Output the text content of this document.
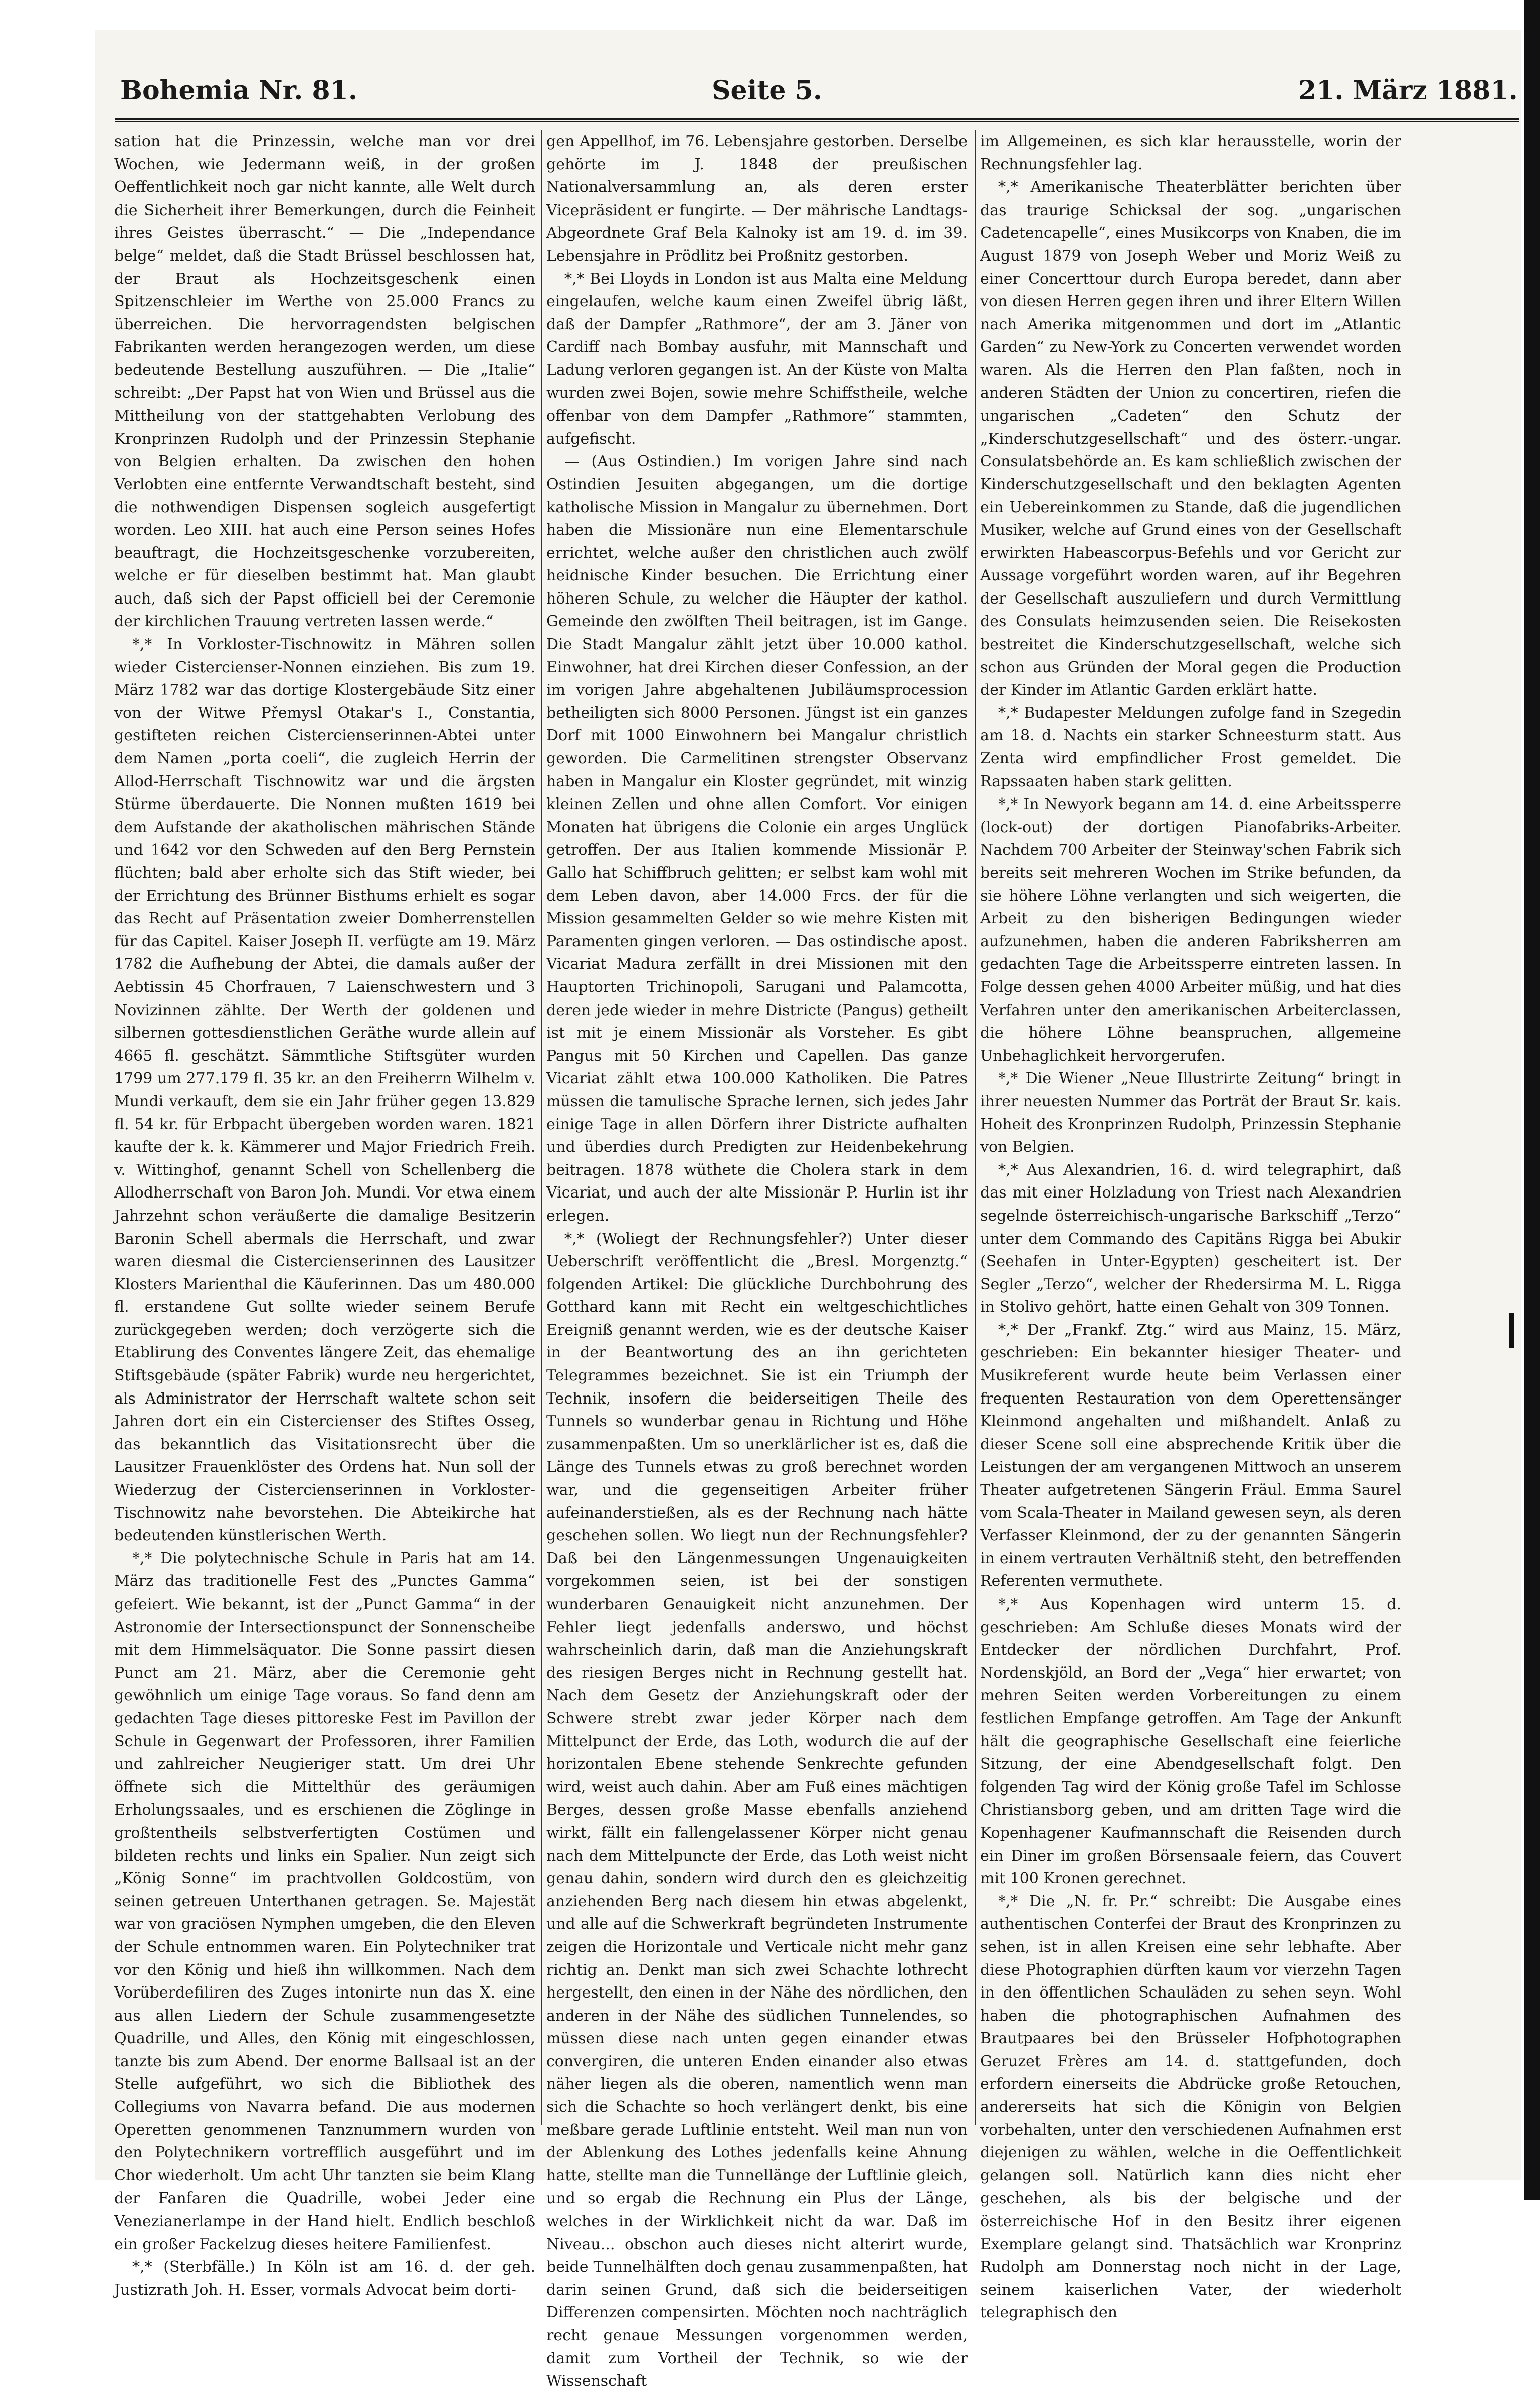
Bohemia Nr. 81.	Seite 5.	21. März 1881.

sation hat die Prinzessin, welche man vor drei Wochen, wie Jedermann weiß, in der großen Oeffentlichkeit noch gar nicht kannte, alle Welt durch die Sicherheit ihrer Bemerkungen, durch die Feinheit ihres Geistes überrascht.“ — Die „Independance belge“ meldet, daß die Stadt Brüssel beschlossen hat, der Braut als Hochzeitsgeschenk einen Spitzenschleier im Werthe von 25.000 Francs zu überreichen. Die hervorragendsten belgischen Fabrikanten werden herangezogen werden, um diese bedeutende Bestellung auszuführen. — Die „Italie“ schreibt: „Der Papst hat von Wien und Brüssel aus die Mittheilung von der stattgehabten Verlobung des Kronprinzen Rudolph und der Prinzessin Stephanie von Belgien erhalten. Da zwischen den hohen Verlobten eine entfernte Verwandtschaft besteht, sind die nothwendigen Dispensen sogleich ausgefertigt worden. Leo XIII. hat auch eine Person seines Hofes beauftragt, die Hochzeitsgeschenke vorzubereiten, welche er für dieselben bestimmt hat. Man glaubt auch, daß sich der Papst officiell bei der Ceremonie der kirchlichen Trauung vertreten lassen werde.“

*,* In Vorkloster-Tischnowitz in Mähren sollen wieder Cistercienser-Nonnen einziehen. Bis zum 19. März 1782 war das dortige Klostergebäude Sitz einer von der Witwe Přemysl Otakar's I., Constantia, gestifteten reichen Cistercienserinnen-Abtei unter dem Namen „porta coeli“, die zugleich Herrin der Allod-Herrschaft Tischnowitz war und die ärgsten Stürme überdauerte. Die Nonnen mußten 1619 bei dem Aufstande der akatholischen mährischen Stände und 1642 vor den Schweden auf den Berg Pernstein flüchten; bald aber erholte sich das Stift wieder, bei der Errichtung des Brünner Bisthums erhielt es sogar das Recht auf Präsentation zweier Domherrenstellen für das Capitel. Kaiser Joseph II. verfügte am 19. März 1782 die Aufhebung der Abtei, die damals außer der Aebtissin 45 Chorfrauen, 7 Laienschwestern und 3 Novizinnen zählte. Der Werth der goldenen und silbernen gottesdienstlichen Geräthe wurde allein auf 4665 fl. geschätzt. Sämmtliche Stiftsgüter wurden 1799 um 277.179 fl. 35 kr. an den Freiherrn Wilhelm v. Mundi verkauft, dem sie ein Jahr früher gegen 13.829 fl. 54 kr. für Erbpacht übergeben worden waren. 1821 kaufte der k. k. Kämmerer und Major Friedrich Freih. v. Wittinghof, genannt Schell von Schellenberg die Allodherrschaft von Baron Joh. Mundi. Vor etwa einem Jahrzehnt schon veräußerte die damalige Besitzerin Baronin Schell abermals die Herrschaft, und zwar waren diesmal die Cistercienserinnen des Lausitzer Klosters Marienthal die Käuferinnen. Das um 480.000 fl. erstandene Gut sollte wieder seinem Berufe zurückgegeben werden; doch verzögerte sich die Etablirung des Conventes längere Zeit, das ehemalige Stiftsgebäude (später Fabrik) wurde neu hergerichtet, als Administrator der Herrschaft waltete schon seit Jahren dort ein ein Cistercienser des Stiftes Osseg, das bekanntlich das Visitationsrecht über die Lausitzer Frauenklöster des Ordens hat. Nun soll der Wiederzug der Cistercienserinnen in Vorkloster-Tischnowitz nahe bevorstehen. Die Abteikirche hat bedeutenden künstlerischen Werth.

*,* Die polytechnische Schule in Paris hat am 14. März das traditionelle Fest des „Punctes Gamma“ gefeiert. Wie bekannt, ist der „Punct Gamma“ in der Astronomie der Intersectionspunct der Sonnenscheibe mit dem Himmelsäquator. Die Sonne passirt diesen Punct am 21. März, aber die Ceremonie geht gewöhnlich um einige Tage voraus. So fand denn am gedachten Tage dieses pittoreske Fest im Pavillon der Schule in Gegenwart der Professoren, ihrer Familien und zahlreicher Neugieriger statt. Um drei Uhr öffnete sich die Mittelthür des geräumigen Erholungssaales, und es erschienen die Zöglinge in großtentheils selbstverfertigten Costümen und bildeten rechts und links ein Spalier. Nun zeigt sich „König Sonne“ im prachtvollen Goldcostüm, von seinen getreuen Unterthanen getragen. Se. Majestät war von graciösen Nymphen umgeben, die den Eleven der Schule entnommen waren. Ein Polytechniker trat vor den König und hieß ihn willkommen. Nach dem Vorüberdefiliren des Zuges intonirte nun das X. eine aus allen Liedern der Schule zusammengesetzte Quadrille, und Alles, den König mit eingeschlossen, tanzte bis zum Abend. Der enorme Ballsaal ist an der Stelle aufgeführt, wo sich die Bibliothek des Collegiums von Navarra befand. Die aus modernen Operetten genommenen Tanznummern wurden von den Polytechnikern vortrefflich ausgeführt und im Chor wiederholt. Um acht Uhr tanzten sie beim Klang der Fanfaren die Quadrille, wobei Jeder eine Venezianerlampe in der Hand hielt. Endlich beschloß ein großer Fackelzug dieses heitere Familienfest.

*,* (Sterbfälle.) In Köln ist am 16. d. der geh. Justizrath Joh. H. Esser, vormals Advocat beim dorti-

gen Appellhof, im 76. Lebensjahre gestorben. Derselbe gehörte im J. 1848 der preußischen Nationalversammlung an, als deren erster Vicepräsident er fungirte. — Der mährische Landtags-Abgeordnete Graf Bela Kalnoky ist am 19. d. im 39. Lebensjahre in Prödlitz bei Proßnitz gestorben.

*,* Bei Lloyds in London ist aus Malta eine Meldung eingelaufen, welche kaum einen Zweifel übrig läßt, daß der Dampfer „Rathmore“, der am 3. Jäner von Cardiff nach Bombay ausfuhr, mit Mannschaft und Ladung verloren gegangen ist. An der Küste von Malta wurden zwei Bojen, sowie mehre Schiffstheile, welche offenbar von dem Dampfer „Rathmore“ stammten, aufgefischt.

— (Aus Ostindien.) Im vorigen Jahre sind nach Ostindien Jesuiten abgegangen, um die dortige katholische Mission in Mangalur zu übernehmen. Dort haben die Missionäre nun eine Elementarschule errichtet, welche außer den christlichen auch zwölf heidnische Kinder besuchen. Die Errichtung einer höheren Schule, zu welcher die Häupter der kathol. Gemeinde den zwölften Theil beitragen, ist im Gange. Die Stadt Mangalur zählt jetzt über 10.000 kathol. Einwohner, hat drei Kirchen dieser Confession, an der im vorigen Jahre abgehaltenen Jubiläumsprocession betheiligten sich 8000 Personen. Jüngst ist ein ganzes Dorf mit 1000 Einwohnern bei Mangalur christlich geworden. Die Carmelitinen strengster Observanz haben in Mangalur ein Kloster gegründet, mit winzig kleinen Zellen und ohne allen Comfort. Vor einigen Monaten hat übrigens die Colonie ein arges Unglück getroffen. Der aus Italien kommende Missionär P. Gallo hat Schiffbruch gelitten; er selbst kam wohl mit dem Leben davon, aber 14.000 Frcs. der für die Mission gesammelten Gelder so wie mehre Kisten mit Paramenten gingen verloren. — Das ostindische apost. Vicariat Madura zerfällt in drei Missionen mit den Hauptorten Trichinopoli, Sarugani und Palamcotta, deren jede wieder in mehre Districte (Pangus) getheilt ist mit je einem Missionär als Vorsteher. Es gibt Pangus mit 50 Kirchen und Capellen. Das ganze Vicariat zählt etwa 100.000 Katholiken. Die Patres müssen die tamulische Sprache lernen, sich jedes Jahr einige Tage in allen Dörfern ihrer Districte aufhalten und überdies durch Predigten zur Heidenbekehrung beitragen. 1878 wüthete die Cholera stark in dem Vicariat, und auch der alte Missionär P. Hurlin ist ihr erlegen.

*,* (Woliegt der Rechnungsfehler?) Unter dieser Ueberschrift veröffentlicht die „Bresl. Morgenztg.“ folgenden Artikel: Die glückliche Durchbohrung des Gotthard kann mit Recht ein weltgeschichtliches Ereigniß genannt werden, wie es der deutsche Kaiser in der Beantwortung des an ihn gerichteten Telegrammes bezeichnet. Sie ist ein Triumph der Technik, insofern die beiderseitigen Theile des Tunnels so wunderbar genau in Richtung und Höhe zusammenpaßten. Um so unerklärlicher ist es, daß die Länge des Tunnels etwas zu groß berechnet worden war, und die gegenseitigen Arbeiter früher aufeinanderstießen, als es der Rechnung nach hätte geschehen sollen. Wo liegt nun der Rechnungsfehler? Daß bei den Längenmessungen Ungenauigkeiten vorgekommen seien, ist bei der sonstigen wunderbaren Genauigkeit nicht anzunehmen. Der Fehler liegt jedenfalls anderswo, und höchst wahrscheinlich darin, daß man die Anziehungskraft des riesigen Berges nicht in Rechnung gestellt hat. Nach dem Gesetz der Anziehungskraft oder der Schwere strebt zwar jeder Körper nach dem Mittelpunct der Erde, das Loth, wodurch die auf der horizontalen Ebene stehende Senkrechte gefunden wird, weist auch dahin. Aber am Fuß eines mächtigen Berges, dessen große Masse ebenfalls anziehend wirkt, fällt ein fallengelassener Körper nicht genau nach dem Mittelpuncte der Erde, das Loth weist nicht genau dahin, sondern wird durch den es gleichzeitig anziehenden Berg nach diesem hin etwas abgelenkt, und alle auf die Schwerkraft begründeten Instrumente zeigen die Horizontale und Verticale nicht mehr ganz richtig an. Denkt man sich zwei Schachte lothrecht hergestellt, den einen in der Nähe des nördlichen, den anderen in der Nähe des südlichen Tunnelendes, so müssen diese nach unten gegen einander etwas convergiren, die unteren Enden einander also etwas näher liegen als die oberen, namentlich wenn man sich die Schachte so hoch verlängert denkt, bis eine meßbare gerade Luftlinie entsteht. Weil man nun von der Ablenkung des Lothes jedenfalls keine Ahnung hatte, stellte man die Tunnellänge der Luftlinie gleich, und so ergab die Rechnung ein Plus der Länge, welches in der Wirklichkeit nicht da war. Daß im Niveau... obschon auch dieses nicht alterirt wurde, beide Tunnelhälften doch genau zusammenpaßten, hat darin seinen Grund, daß sich die beiderseitigen Differenzen compensirten. Möchten noch nachträglich recht genaue Messungen vorgenommen werden, damit zum Vortheil der Technik, so wie der Wissenschaft

im Allgemeinen, es sich klar herausstelle, worin der Rechnungsfehler lag.

*,* Amerikanische Theaterblätter berichten über das traurige Schicksal der sog. „ungarischen Cadetencapelle“, eines Musikcorps von Knaben, die im August 1879 von Joseph Weber und Moriz Weiß zu einer Concerttour durch Europa beredet, dann aber von diesen Herren gegen ihren und ihrer Eltern Willen nach Amerika mitgenommen und dort im „Atlantic Garden“ zu New-York zu Concerten verwendet worden waren. Als die Herren den Plan faßten, noch in anderen Städten der Union zu concertiren, riefen die ungarischen „Cadeten“ den Schutz der „Kinderschutzgesellschaft“ und des österr.-ungar. Consulatsbehörde an. Es kam schließlich zwischen der Kinderschutzgesellschaft und den beklagten Agenten ein Uebereinkommen zu Stande, daß die jugendlichen Musiker, welche auf Grund eines von der Gesellschaft erwirkten Habeascorpus-Befehls und vor Gericht zur Aussage vorgeführt worden waren, auf ihr Begehren der Gesellschaft auszuliefern und durch Vermittlung des Consulats heimzusenden seien. Die Reisekosten bestreitet die Kinderschutzgesellschaft, welche sich schon aus Gründen der Moral gegen die Production der Kinder im Atlantic Garden erklärt hatte.

*,* Budapester Meldungen zufolge fand in Szegedin am 18. d. Nachts ein starker Schneesturm statt. Aus Zenta wird empfindlicher Frost gemeldet. Die Rapssaaten haben stark gelitten.

*,* In Newyork begann am 14. d. eine Arbeitssperre (lock-out) der dortigen Pianofabriks-Arbeiter. Nachdem 700 Arbeiter der Steinway'schen Fabrik sich bereits seit mehreren Wochen im Strike befunden, da sie höhere Löhne verlangten und sich weigerten, die Arbeit zu den bisherigen Bedingungen wieder aufzunehmen, haben die anderen Fabriksherren am gedachten Tage die Arbeitssperre eintreten lassen. In Folge dessen gehen 4000 Arbeiter müßig, und hat dies Verfahren unter den amerikanischen Arbeiterclassen, die höhere Löhne beanspruchen, allgemeine Unbehaglichkeit hervorgerufen.

*,* Die Wiener „Neue Illustrirte Zeitung“ bringt in ihrer neuesten Nummer das Porträt der Braut Sr. kais. Hoheit des Kronprinzen Rudolph, Prinzessin Stephanie von Belgien.

*,* Aus Alexandrien, 16. d. wird telegraphirt, daß das mit einer Holzladung von Triest nach Alexandrien segelnde österreichisch-ungarische Barkschiff „Terzo“ unter dem Commando des Capitäns Rigga bei Abukir (Seehafen in Unter-Egypten) gescheitert ist. Der Segler „Terzo“, welcher der Rhedersirma M. L. Rigga in Stolivo gehört, hatte einen Gehalt von 309 Tonnen.

*,* Der „Frankf. Ztg.“ wird aus Mainz, 15. März, geschrieben: Ein bekannter hiesiger Theater- und Musikreferent wurde heute beim Verlassen einer frequenten Restauration von dem Operettensänger Kleinmond angehalten und mißhandelt. Anlaß zu dieser Scene soll eine absprechende Kritik über die Leistungen der am vergangenen Mittwoch an unserem Theater aufgetretenen Sängerin Fräul. Emma Saurel vom Scala-Theater in Mailand gewesen seyn, als deren Verfasser Kleinmond, der zu der genannten Sängerin in einem vertrauten Verhältniß steht, den betreffenden Referenten vermuthete.

*,* Aus Kopenhagen wird unterm 15. d. geschrieben: Am Schluße dieses Monats wird der Entdecker der nördlichen Durchfahrt, Prof. Nordenskjöld, an Bord der „Vega“ hier erwartet; von mehren Seiten werden Vorbereitungen zu einem festlichen Empfange getroffen. Am Tage der Ankunft hält die geographische Gesellschaft eine feierliche Sitzung, der eine Abendgesellschaft folgt. Den folgenden Tag wird der König große Tafel im Schlosse Christiansborg geben, und am dritten Tage wird die Kopenhagener Kaufmannschaft die Reisenden durch ein Diner im großen Börsensaale feiern, das Couvert mit 100 Kronen gerechnet.

*,* Die „N. fr. Pr.“ schreibt: Die Ausgabe eines authentischen Conterfei der Braut des Kronprinzen zu sehen, ist in allen Kreisen eine sehr lebhafte. Aber diese Photographien dürften kaum vor vierzehn Tagen in den öffentlichen Schauläden zu sehen seyn. Wohl haben die photographischen Aufnahmen des Brautpaares bei den Brüsseler Hofphotographen Geruzet Frères am 14. d. stattgefunden, doch erfordern einerseits die Abdrücke große Retouchen, andererseits hat sich die Königin von Belgien vorbehalten, unter den verschiedenen Aufnahmen erst diejenigen zu wählen, welche in die Oeffentlichkeit gelangen soll. Natürlich kann dies nicht eher geschehen, als bis der belgische und der österreichische Hof in den Besitz ihrer eigenen Exemplare gelangt sind. Thatsächlich war Kronprinz Rudolph am Donnerstag noch nicht in der Lage, seinem kaiserlichen Vater, der wiederholt telegraphisch den
